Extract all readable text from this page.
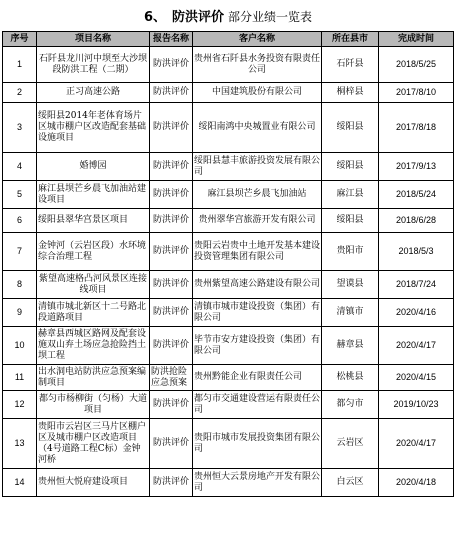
6、 防洪评价 部分业绩一览表
序号	项目名称	报告名称	客户名称	所在县市	完成时间
1	石阡县龙川河中坝至大沙坝段防洪工程（二期）	防洪评价	贵州省石阡县水务投资有限责任公司	石阡县	2018/5/25
2	正习高速公路	防洪评价	中国建筑股份有限公司	桐梓县	2017/8/10
3	绥阳县2014年老体育场片区城市棚户区改造配套基础设施项目	防洪评价	绥阳南鸿中央城置业有限公司	绥阳县	2017/8/18
4	婚博园	防洪评价	绥阳县慧丰旅游投资发展有限公司	绥阳县	2017/9/13
5	麻江县坝芒乡晨飞加油站建设项目	防洪评价	麻江县坝芒乡晨飞加油站	麻江县	2018/5/24
6	绥阳县翠华宫景区项目	防洪评价	贵州翠华宫旅游开发有限公司	绥阳县	2018/6/28
7	金钟河（云岩区段）水环境综合治理工程	防洪评价	贵阳云岩贵中土地开发基本建设投资管理集团有限公司	贵阳市	2018/5/3
8	紫望高速格凸河风景区连接线项目	防洪评价	贵州紫望高速公路建设有限公司	望谟县	2018/7/24
9	清镇市城北新区十二号路北段道路项目	防洪评价	清镇市城市建设投资（集团）有限公司	清镇市	2020/4/16
10	赫章县西城区路网及配套设施双山弃土场应急抢险挡土坝工程	防洪评价	毕节市安方建设投资（集团）有限公司	赫章县	2020/4/17
11	出水洞电站防洪应急预案编制项目	防洪抢险应急预案	贵州黔能企业有限责任公司	松桃县	2020/4/15
12	都匀市杨柳街（匀杨）大道项目	防洪评价	都匀市交通建设营运有限责任公司	都匀市	2019/10/23
13	贵阳市云岩区三马片区棚户区及城市棚户区改造项目（4号道路工程C标）金钟河桥	防洪评价	贵阳市城市发展投资集团有限公司	云岩区	2020/4/17
14	贵州恒大悦府建设项目	防洪评价	贵州恒大云景房地产开发有限公司	白云区	2020/4/18
